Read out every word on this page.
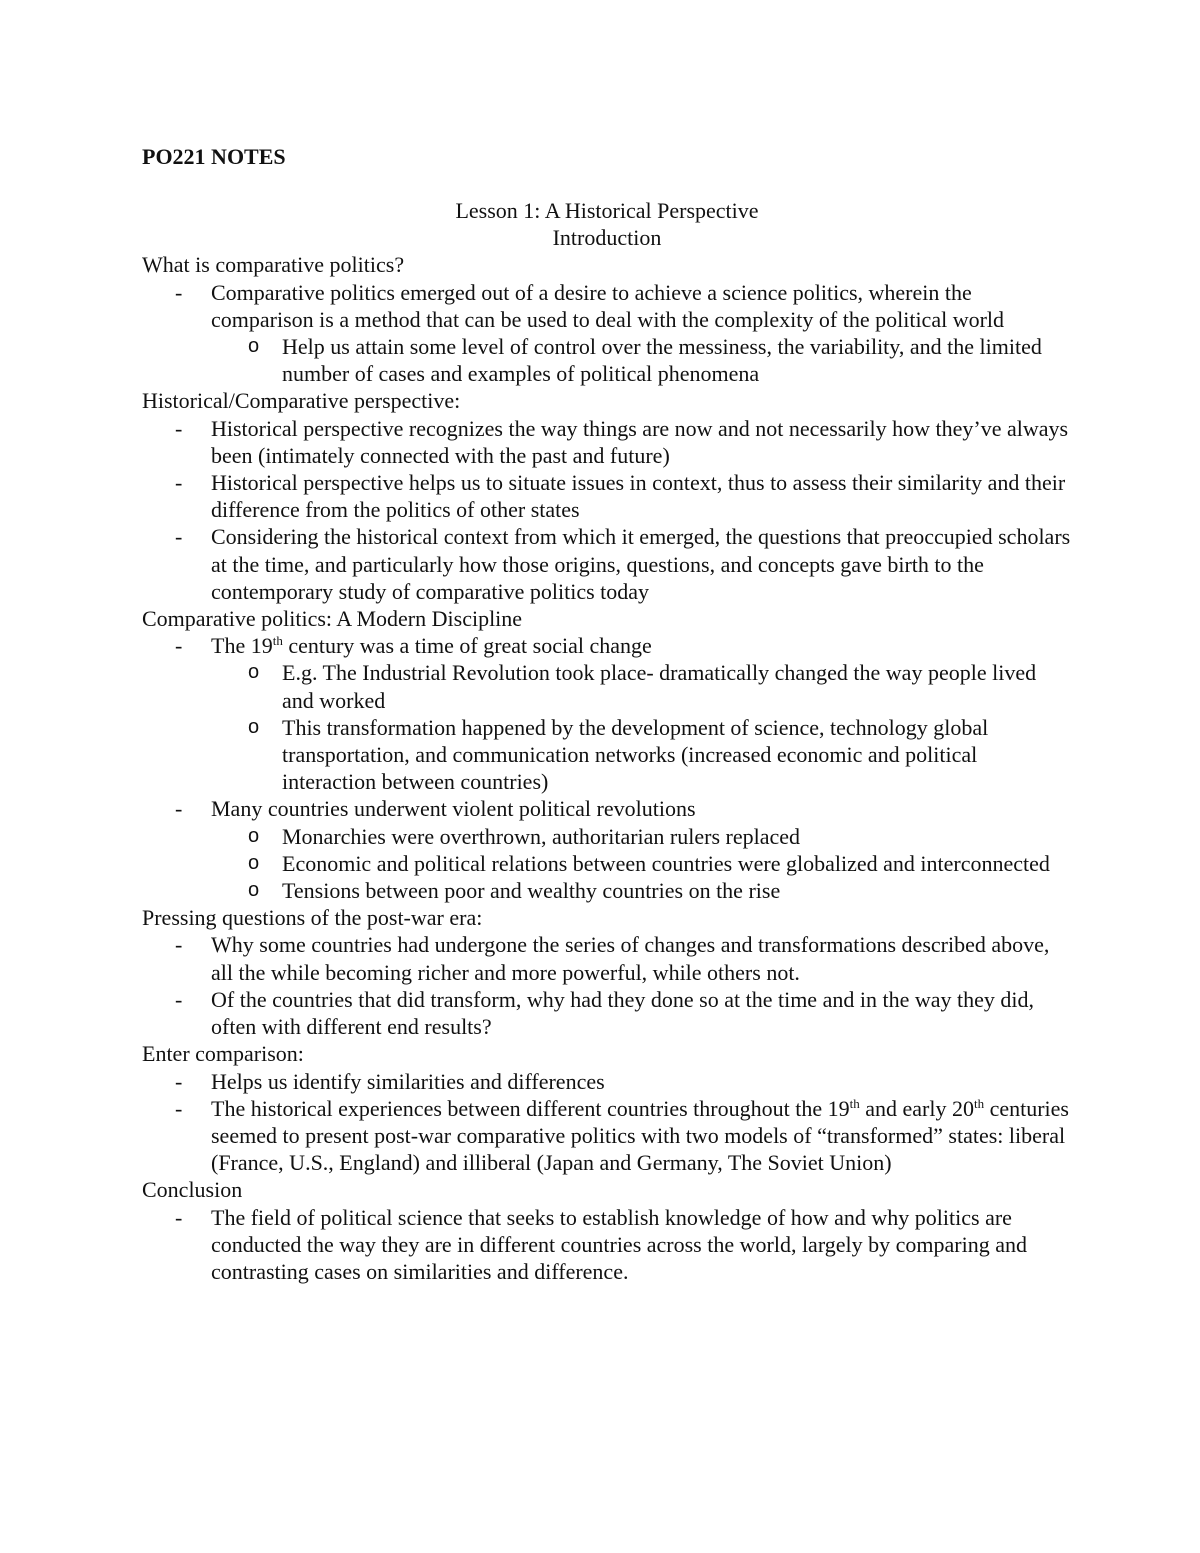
PO221 NOTES

Lesson 1: A Historical Perspective

Introduction

What is comparative politics?

- Comparative politics emerged out of a desire to achieve a science politics, wherein the comparison is a method that can be used to deal with the complexity of the political world
o Help us attain some level of control over the messiness, the variability, and the limited number of cases and examples of political phenomena

Historical/Comparative perspective:

- Historical perspective recognizes the way things are now and not necessarily how they’ve always been (intimately connected with the past and future)
- Historical perspective helps us to situate issues in context, thus to assess their similarity and their difference from the politics of other states
- Considering the historical context from which it emerged, the questions that preoccupied scholars at the time, and particularly how those origins, questions, and concepts gave birth to the contemporary study of comparative politics today

Comparative politics: A Modern Discipline

- The 19th century was a time of great social change
o E.g. The Industrial Revolution took place- dramatically changed the way people lived and worked
o This transformation happened by the development of science, technology global transportation, and communication networks (increased economic and political interaction between countries)
- Many countries underwent violent political revolutions
o Monarchies were overthrown, authoritarian rulers replaced
o Economic and political relations between countries were globalized and interconnected
o Tensions between poor and wealthy countries on the rise

Pressing questions of the post-war era:

- Why some countries had undergone the series of changes and transformations described above, all the while becoming richer and more powerful, while others not.
- Of the countries that did transform, why had they done so at the time and in the way they did, often with different end results?

Enter comparison:

- Helps us identify similarities and differences
- The historical experiences between different countries throughout the 19th and early 20th centuries seemed to present post-war comparative politics with two models of “transformed” states: liberal (France, U.S., England) and illiberal (Japan and Germany, The Soviet Union)

Conclusion

- The field of political science that seeks to establish knowledge of how and why politics are conducted the way they are in different countries across the world, largely by comparing and contrasting cases on similarities and difference.
